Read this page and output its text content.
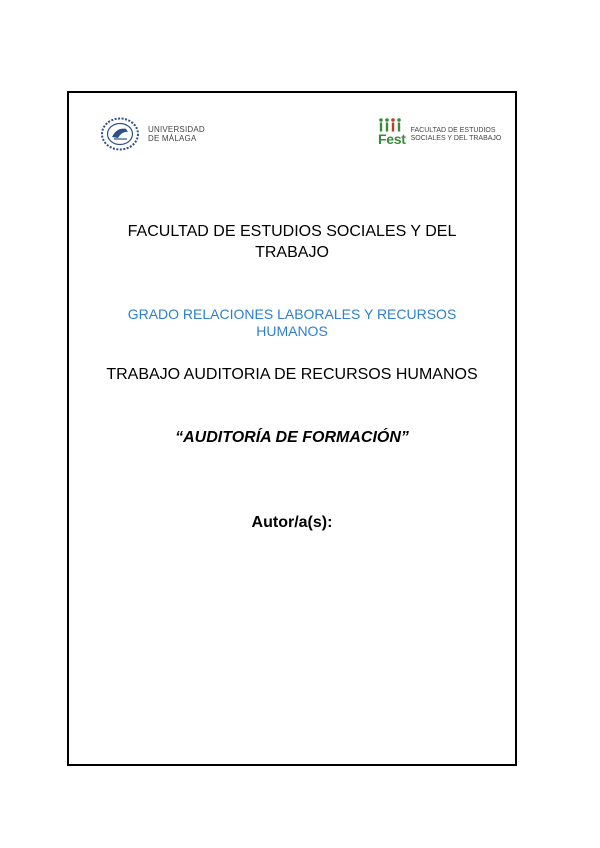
UNIVERSIDAD
DE MÁLAGA	Fest
FACULTAD DE ESTUDIOS
SOCIALES Y DEL TRABAJO
FACULTAD DE ESTUDIOS SOCIALES Y DEL TRABAJO
GRADO RELACIONES LABORALES Y RECURSOS HUMANOS
TRABAJO AUDITORIA DE RECURSOS HUMANOS
“AUDITORÍA DE FORMACIÓN”
Autor/a(s):
